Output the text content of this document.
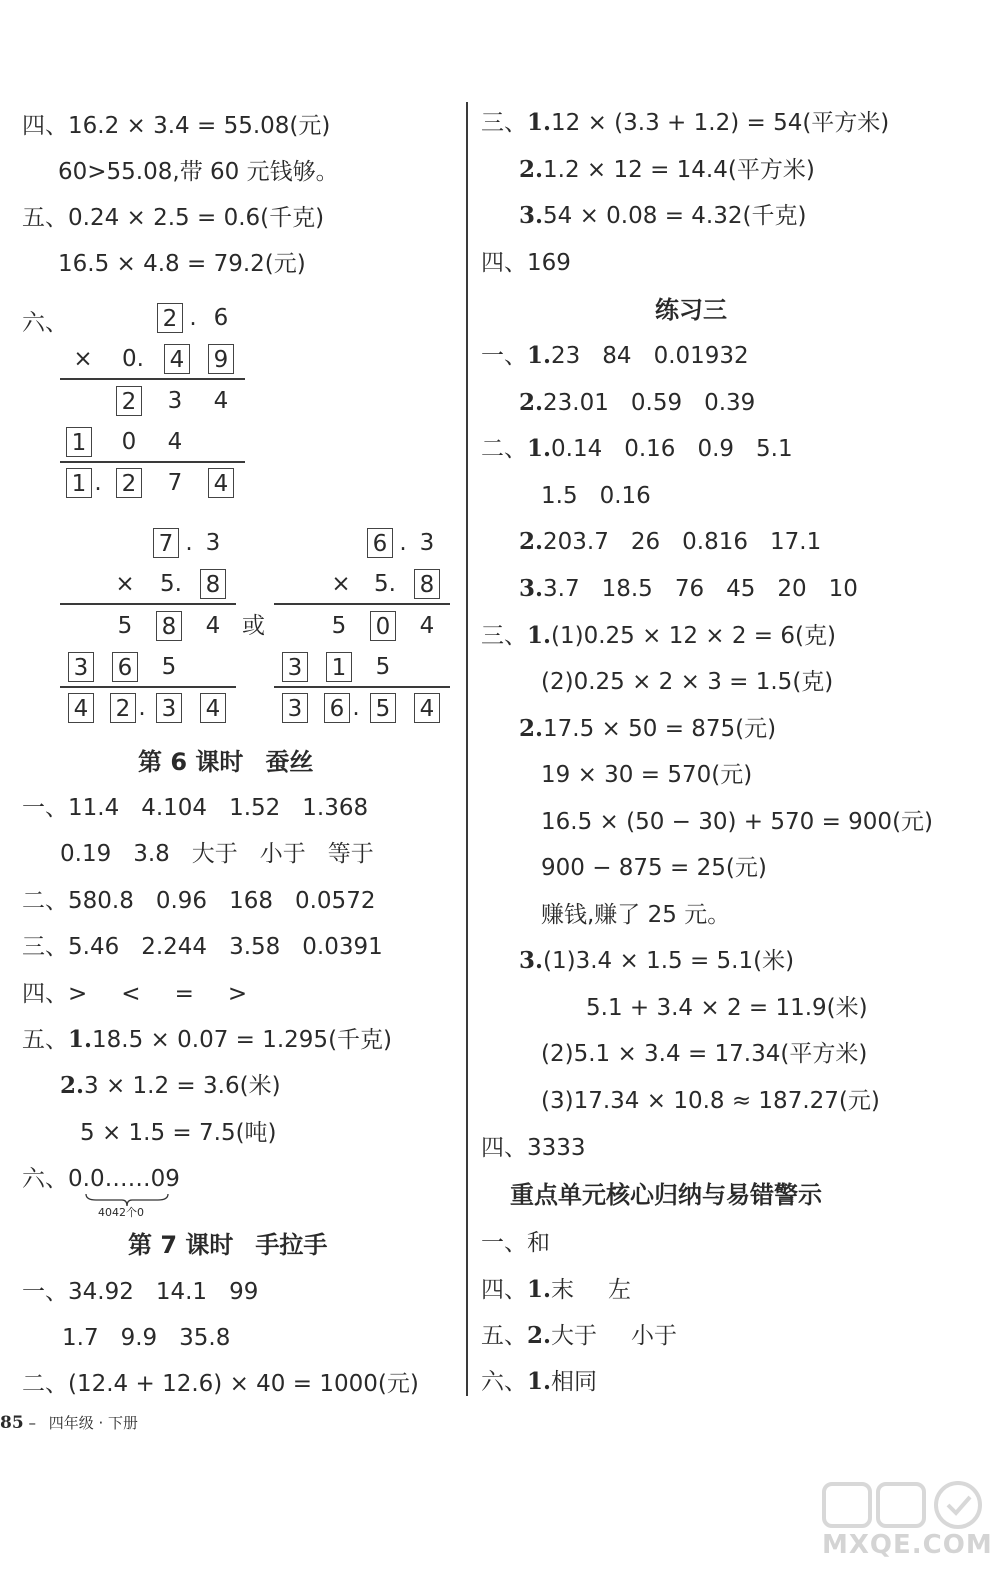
四、16.2 × 3.4 = 55.08(元)
60>55.08,带 60 元钱够。
五、0.24 × 2.5 = 0.6(千克)
16.5 × 4.8 = 79.2(元)
六、	2 . 6
× 0. 4 9
2 3 4
1 0 4
1 . 2 7 4
7 . 3
× 5. 8
5 8 4
3 6 5
4 2 . 3 4
或
6 . 3
× 5. 8
5 0 4
3 1 5
3 6 . 5 4
第 6 课时 蚕丝
一、11.4 4.104 1.52 1.368
0.19 3.8 大于 小于 等于
二、580.8 0.96 168 0.0572
三、5.46 2.244 3.58 0.0391
四、> < = >
五、1.18.5 × 0.07 = 1.295(千克)
2.3 × 1.2 = 3.6(米)
5 × 1.5 = 7.5(吨)
六、0.0……09
4042个0
第 7 课时 手拉手
一、34.92 14.1 99
1.7 9.9 35.8
二、(12.4 + 12.6) × 40 = 1000(元)
三、1.12 × (3.3 + 1.2) = 54(平方米)
2.1.2 × 12 = 14.4(平方米)
3.54 × 0.08 = 4.32(千克)
四、169
练习三
一、1.23 84 0.01932
2.23.01 0.59 0.39
二、1.0.14 0.16 0.9 5.1
1.5 0.16
2.203.7 26 0.816 17.1
3.3.7 18.5 76 45 20 10
三、1.(1)0.25 × 12 × 2 = 6(克)
(2)0.25 × 2 × 3 = 1.5(克)
2.17.5 × 50 = 875(元)
19 × 30 = 570(元)
16.5 × (50 − 30) + 570 = 900(元)
900 − 875 = 25(元)
赚钱,赚了 25 元。
3.(1)3.4 × 1.5 = 5.1(米)
5.1 + 3.4 × 2 = 11.9(米)
(2)5.1 × 3.4 = 17.34(平方米)
(3)17.34 × 10.8 ≈ 187.27(元)
四、3333
重点单元核心归纳与易错警示
一、和
四、1.末 左
五、2.大于 小于
六、1.相同
85 – 四年级 · 下册
MXQE.COM
